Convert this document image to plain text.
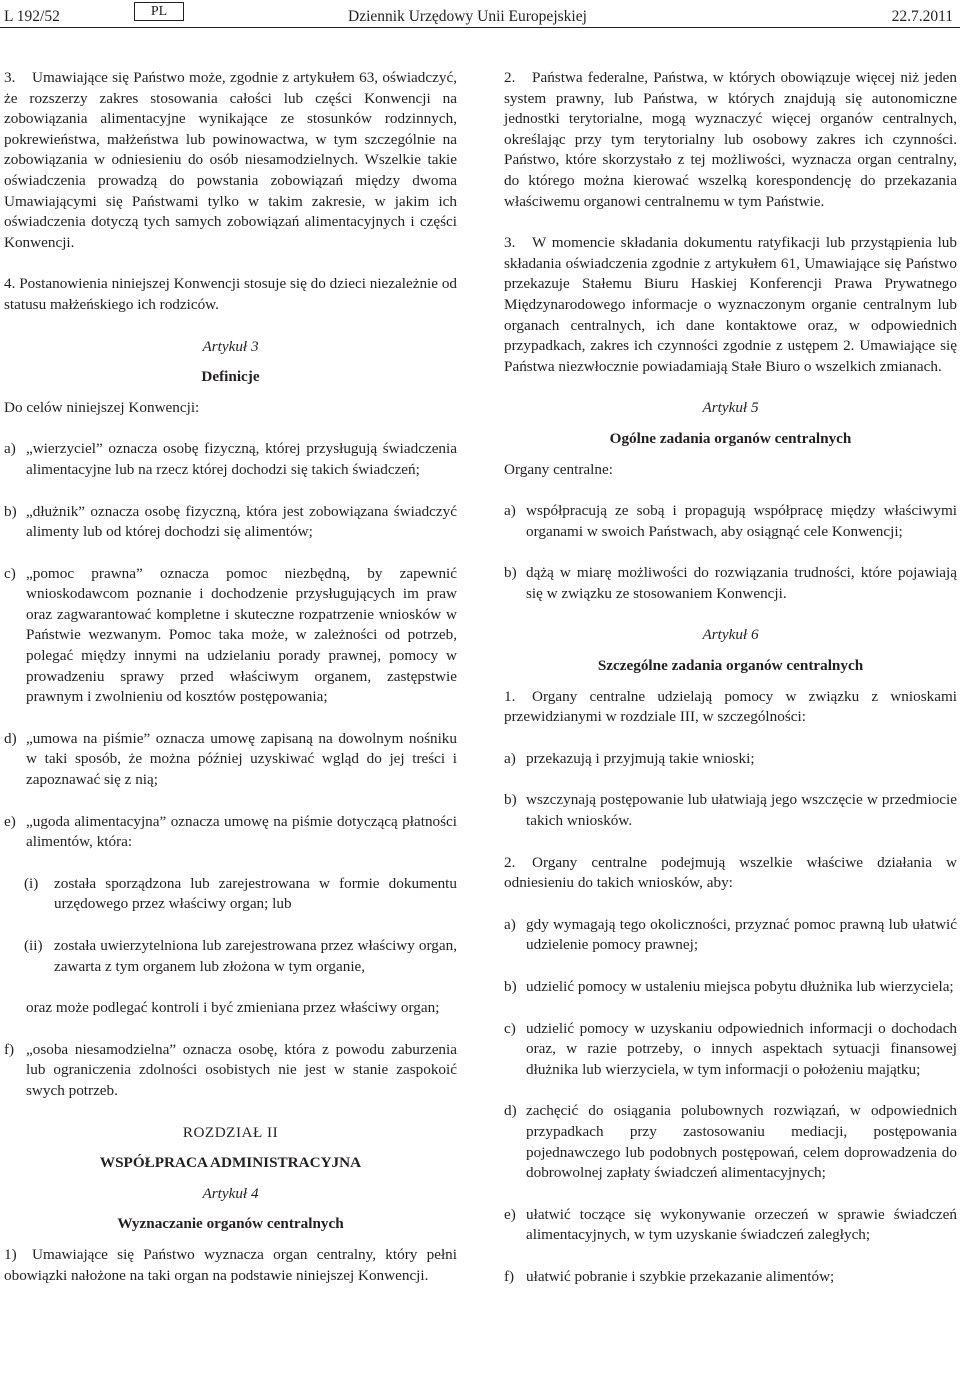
L 192/52	PL	Dziennik Urzędowy Unii Europejskiej	22.7.2011

3. Umawiające się Państwo może, zgodnie z artykułem 63, oświadczyć, że rozszerzy zakres stosowania całości lub części Konwencji na zobowiązania alimentacyjne wynikające ze stosunków rodzinnych, pokrewieństwa, małżeństwa lub powinowactwa, w tym szczególnie na zobowiązania w odniesieniu do osób niesamodzielnych. Wszelkie takie oświadczenia prowadzą do powstania zobowiązań między dwoma Umawiającymi się Państwami tylko w takim zakresie, w jakim ich oświadczenia dotyczą tych samych zobowiązań alimentacyjnych i części Konwencji.

4. Postanowienia niniejszej Konwencji stosuje się do dzieci niezależnie od statusu małżeńskiego ich rodziców.

Artykuł 3
Definicje

Do celów niniejszej Konwencji:

a) „wierzyciel” oznacza osobę fizyczną, której przysługują świadczenia alimentacyjne lub na rzecz której dochodzi się takich świadczeń;
b) „dłużnik” oznacza osobę fizyczną, która jest zobowiązana świadczyć alimenty lub od której dochodzi się alimentów;
c) „pomoc prawna” oznacza pomoc niezbędną, by zapewnić wnioskodawcom poznanie i dochodzenie przysługujących im praw oraz zagwarantować kompletne i skuteczne rozpatrzenie wniosków w Państwie wezwanym. Pomoc taka może, w zależności od potrzeb, polegać między innymi na udzielaniu porady prawnej, pomocy w prowadzeniu sprawy przed właściwym organem, zastępstwie prawnym i zwolnieniu od kosztów postępowania;
d) „umowa na piśmie” oznacza umowę zapisaną na dowolnym nośniku w taki sposób, że można później uzyskiwać wgląd do jej treści i zapoznawać się z nią;
e) „ugoda alimentacyjna” oznacza umowę na piśmie dotyczącą płatności alimentów, która:
(i)	została sporządzona lub zarejestrowana w formie dokumentu urzędowego przez właściwy organ; lub
(ii) została uwierzytelniona lub zarejestrowana przez właściwy organ, zawarta z tym organem lub złożona w tym organie,

oraz może podlegać kontroli i być zmieniana przez właściwy organ;

f) „osoba niesamodzielna” oznacza osobę, która z powodu zaburzenia lub ograniczenia zdolności osobistych nie jest w stanie zaspokoić swych potrzeb.
ROZDZIAŁ II
WSPÓŁPRACA ADMINISTRACYJNA
Artykuł 4
Wyznaczanie organów centralnych

1) Umawiające się Państwo wyznacza organ centralny, który pełni obowiązki nałożone na taki organ na podstawie niniejszej Konwencji.

2. Państwa federalne, Państwa, w których obowiązuje więcej niż jeden system prawny, lub Państwa, w których znajdują się autonomiczne jednostki terytorialne, mogą wyznaczyć więcej organów centralnych, określając przy tym terytorialny lub osobowy zakres ich czynności. Państwo, które skorzystało z tej możliwości, wyznacza organ centralny, do którego można kierować wszelką korespondencję do przekazania właściwemu organowi centralnemu w tym Państwie.

3. W momencie składania dokumentu ratyfikacji lub przystąpienia lub składania oświadczenia zgodnie z artykułem 61, Umawiające się Państwo przekazuje Stałemu Biuru Haskiej Konferencji Prawa Prywatnego Międzynarodowego informacje o wyznaczonym organie centralnym lub organach centralnych, ich dane kontaktowe oraz, w odpowiednich przypadkach, zakres ich czynności zgodnie z ustępem 2. Umawiające się Państwa niezwłocznie powiadamiają Stałe Biuro o wszelkich zmianach.

Artykuł 5
Ogólne zadania organów centralnych

Organy centralne:

a) współpracują ze sobą i propagują współpracę między właściwymi organami w swoich Państwach, aby osiągnąć cele Konwencji;
b) dążą w miarę możliwości do rozwiązania trudności, które pojawiają się w związku ze stosowaniem Konwencji.
Artykuł 6
Szczególne zadania organów centralnych

1. Organy centralne udzielają pomocy w związku z wnioskami przewidzianymi w rozdziale III, w szczególności:

a) przekazują i przyjmują takie wnioski;
b) wszczynają postępowanie lub ułatwiają jego wszczęcie w przedmiocie takich wniosków.

2. Organy centralne podejmują wszelkie właściwe działania w odniesieniu do takich wniosków, aby:

a) gdy wymagają tego okoliczności, przyznać pomoc prawną lub ułatwić udzielenie pomocy prawnej;
b) udzielić pomocy w ustaleniu miejsca pobytu dłużnika lub wierzyciela;
c) udzielić pomocy w uzyskaniu odpowiednich informacji o dochodach oraz, w razie potrzeby, o innych aspektach sytuacji finansowej dłużnika lub wierzyciela, w tym informacji o położeniu majątku;
d) zachęcić do osiągania polubownych rozwiązań, w odpowiednich przypadkach przy zastosowaniu mediacji, postępowania pojednawczego lub podobnych postępowań, celem doprowadzenia do dobrowolnej zapłaty świadczeń alimentacyjnych;
e) ułatwić toczące się wykonywanie orzeczeń w sprawie świadczeń alimentacyjnych, w tym uzyskanie świadczeń zaległych;
f) ułatwić pobranie i szybkie przekazanie alimentów;
